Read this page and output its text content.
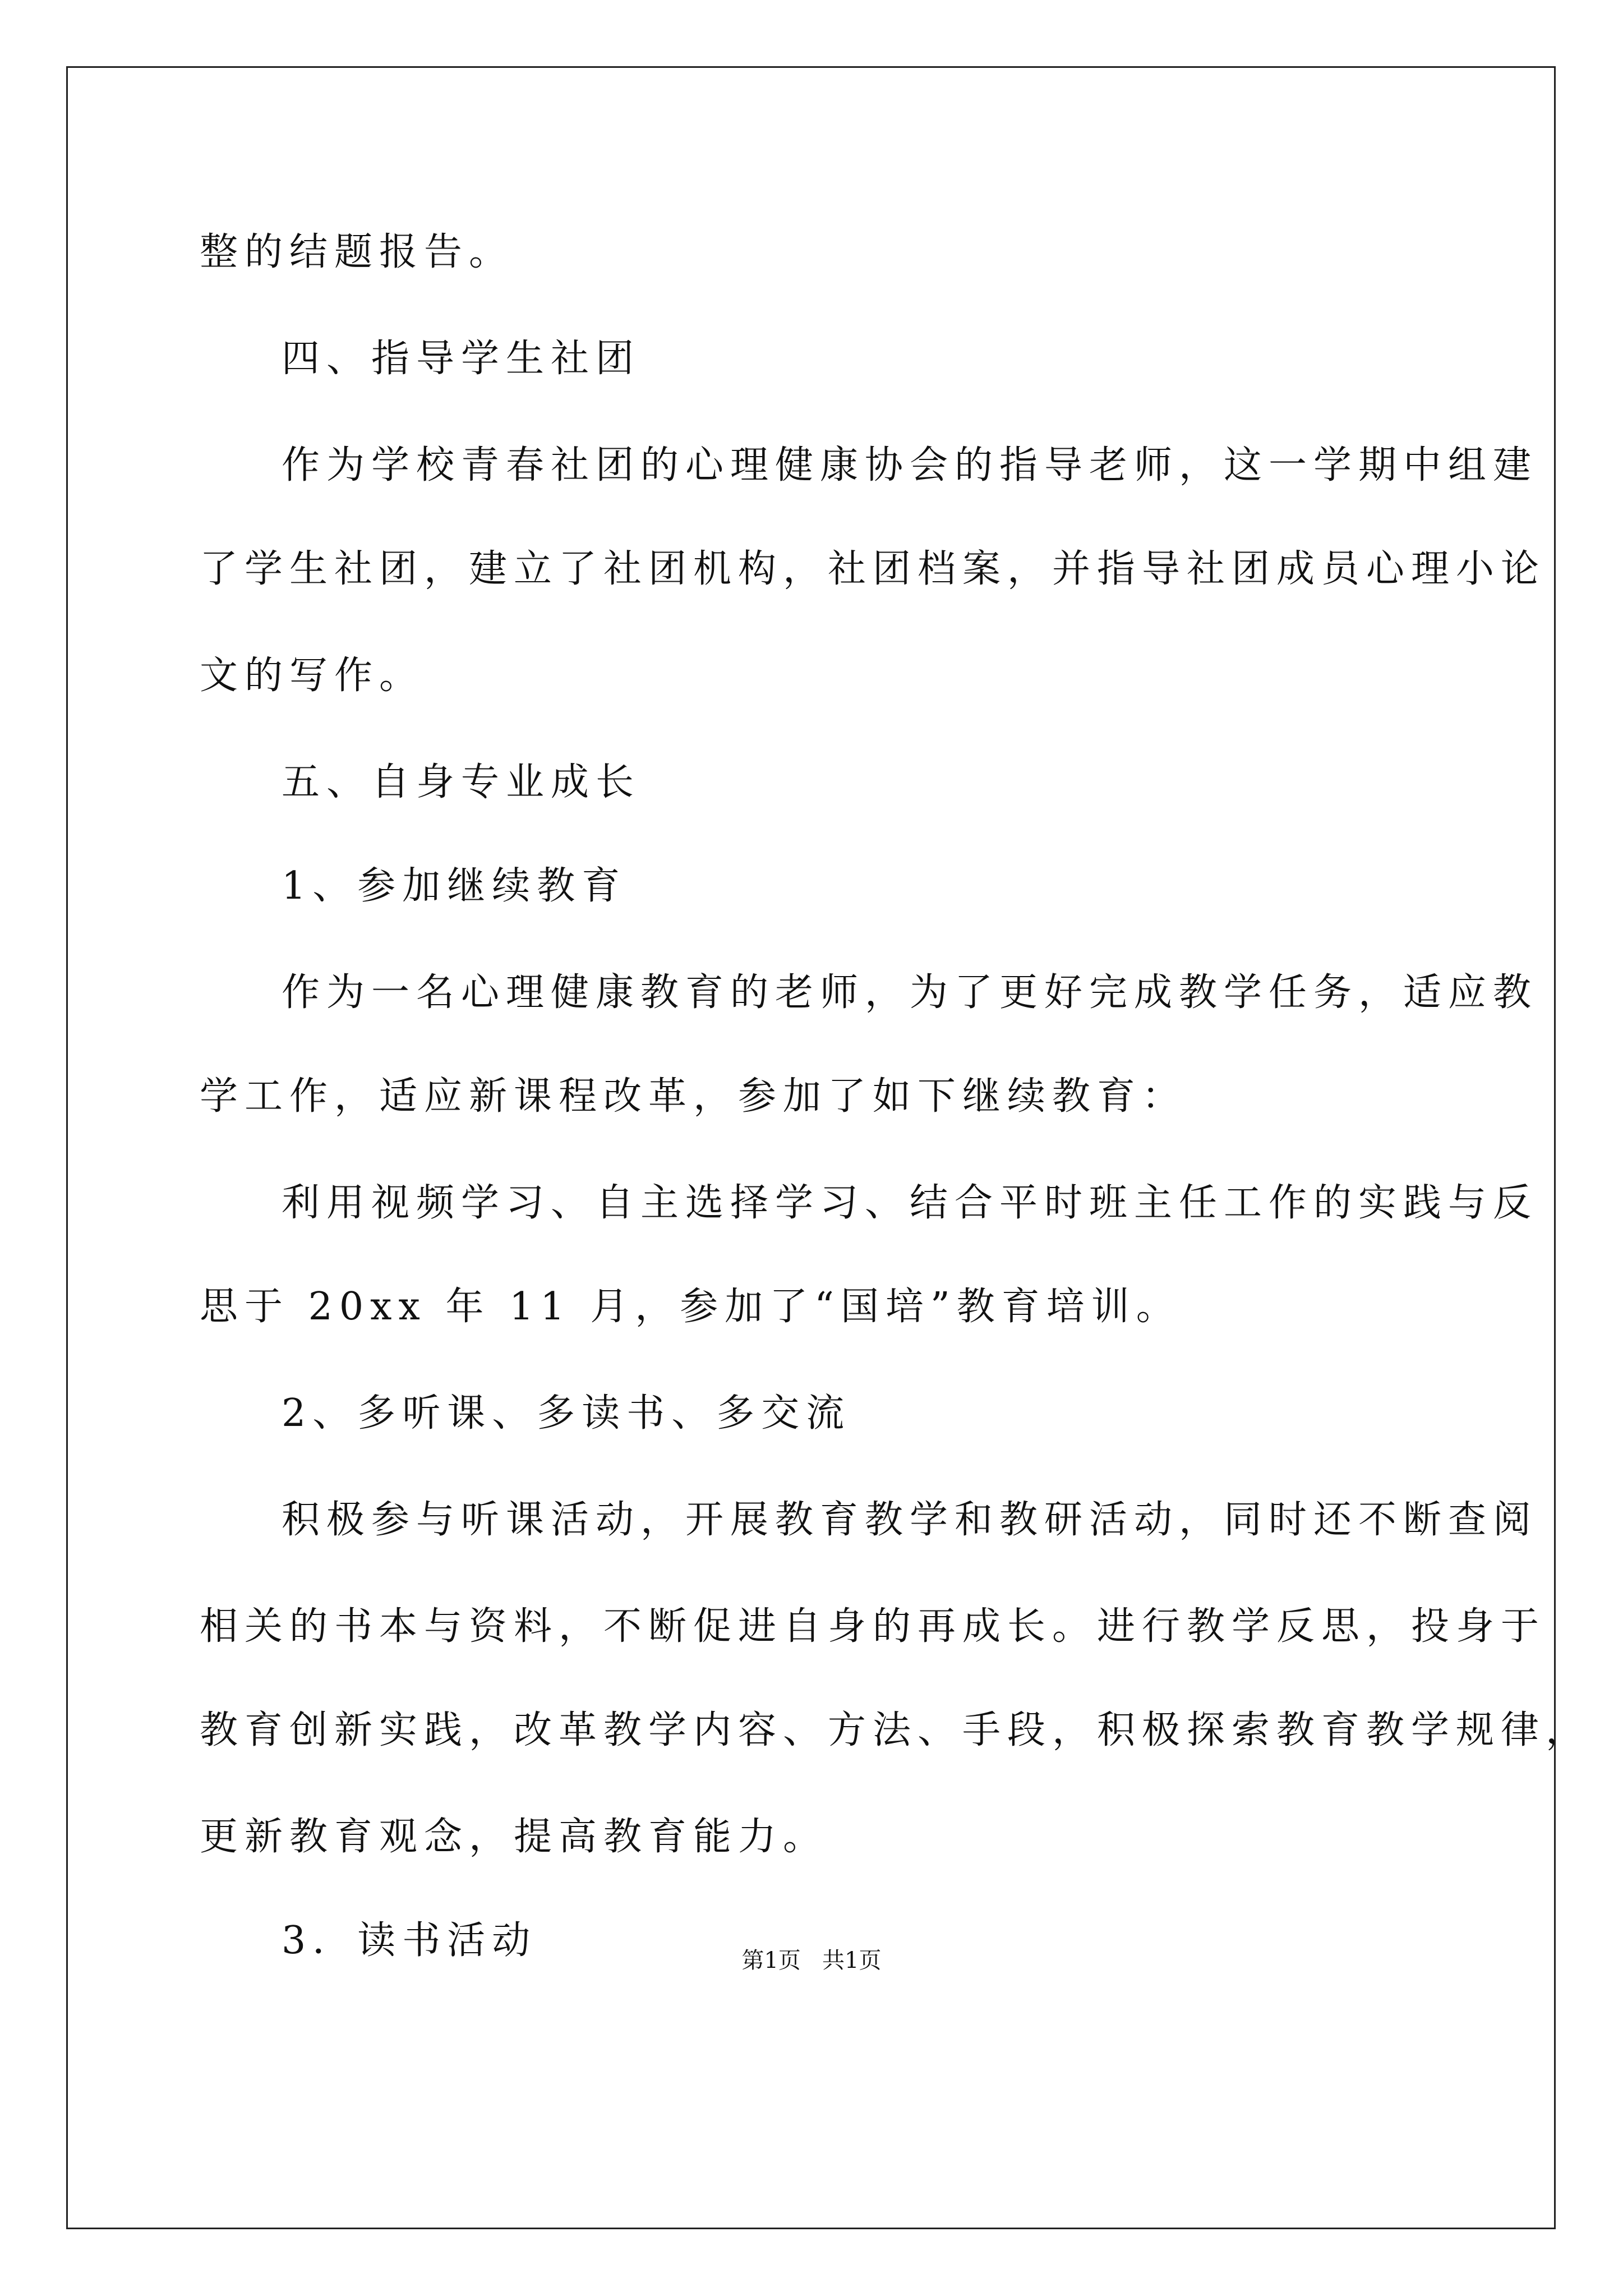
整的结题报告。
四、指导学生社团
作为学校青春社团的心理健康协会的指导老师，这一学期中组建
了学生社团，建立了社团机构，社团档案，并指导社团成员心理小论
文的写作。
五、自身专业成长
1、参加继续教育
作为一名心理健康教育的老师，为了更好完成教学任务，适应教
学工作，适应新课程改革，参加了如下继续教育：
利用视频学习、自主选择学习、结合平时班主任工作的实践与反
思于 20xx 年 11 月，参加了“国培”教育培训。
2、多听课、多读书、多交流
积极参与听课活动，开展教育教学和教研活动，同时还不断查阅
相关的书本与资料，不断促进自身的再成长。进行教学反思，投身于
教育创新实践，改革教学内容、方法、手段，积极探索教育教学规律，
更新教育观念，提高教育能力。
3．读书活动	第1页   共1页
